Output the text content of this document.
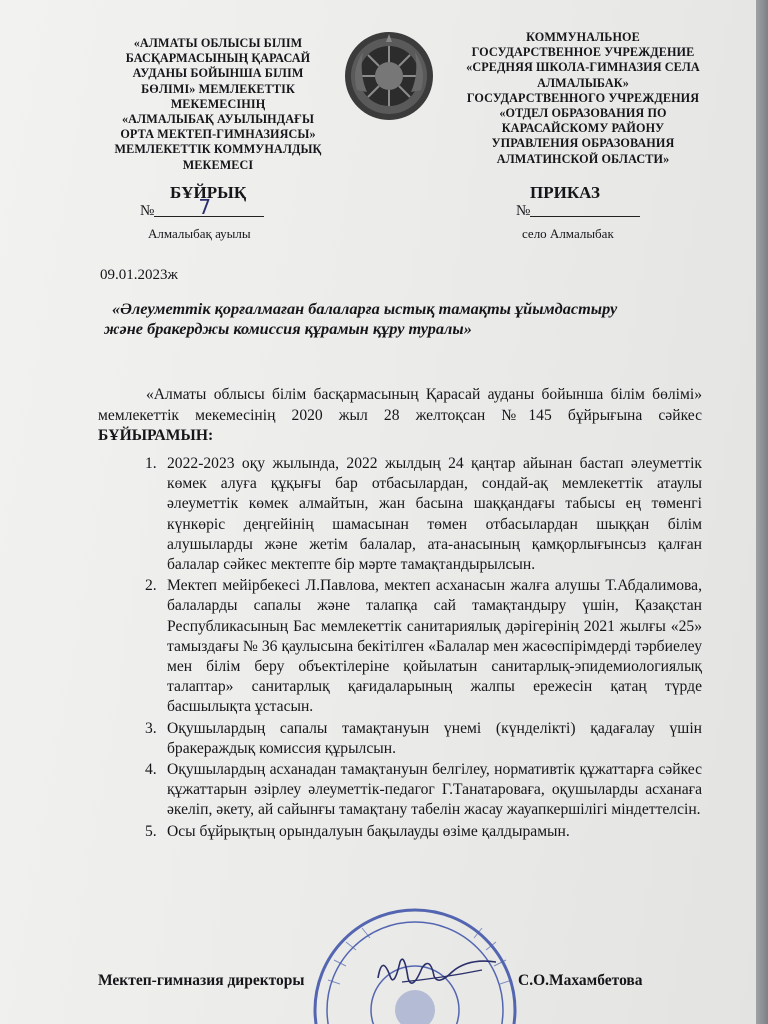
«АЛМАТЫ ОБЛЫСЫ БІЛІМ
БАСҚАРМАСЫНЫҢ ҚАРАСАЙ
АУДАНЫ БОЙЫНША БІЛІМ
БӨЛІМІ» МЕМЛЕКЕТТІК
МЕКЕМЕСІНІҢ
«АЛМАЛЫБАҚ АУЫЛЫНДАҒЫ
ОРТА МЕКТЕП-ГИМНАЗИЯСЫ»
МЕМЛЕКЕТТІК КОММУНАЛДЫҚ
МЕКЕМЕСІ
КОММУНАЛЬНОЕ
ГОСУДАРСТВЕННОЕ УЧРЕЖДЕНИЕ
«СРЕДНЯЯ ШКОЛА-ГИМНАЗИЯ СЕЛА
АЛМАЛЫБАК»
ГОСУДАРСТВЕННОГО УЧРЕЖДЕНИЯ
«ОТДЕЛ ОБРАЗОВАНИЯ ПО
КАРАСАЙСКОМУ РАЙОНУ
УПРАВЛЕНИЯ ОБРАЗОВАНИЯ
АЛМАТИНСКОЙ ОБЛАСТИ»
БҰЙРЫҚ	ПРИКАЗ
№ 7	№
Алмалыбақ ауылы	село Алмалыбак
09.01.2023ж
«Әлеуметтік қорғалмаған балаларға ыстық тамақты ұйымдастыру
және бракерджы комиссия құрамын құру туралы»
«Алматы облысы білім басқармасының Қарасай ауданы бойынша білім бөлімі» мемлекеттік мекемесінің 2020 жыл 28 желтоқсан №145 бұйрығына сәйкес БҰЙЫРАМЫН:
1. 2022-2023 оқу жылында, 2022 жылдың 24 қаңтар айынан бастап әлеуметтік көмек алуға құқығы бар отбасылардан, сондай-ақ мемлекеттік атаулы әлеуметтік көмек алмайтын, жан басына шаққандағы табысы ең төменгі күнкөріс деңгейінің шамасынан төмен отбасылардан шыққан білім алушыларды және жетім балалар, ата-анасының қамқорлығынсыз қалған балалар сәйкес мектепте бір мәрте тамақтандырылсын.
2. Мектеп мейірбекесі Л.Павлова, мектеп асханасын жалға алушы Т.Абдалимова, балаларды сапалы және талапқа сай тамақтандыру үшін, Қазақстан Республикасының Бас мемлекеттік санитариялық дәрігерінің 2021 жылғы «25» тамыздағы № 36 қаулысына бекітілген «Балалар мен жасөспірімдерді тәрбиелеу мен білім беру объектілеріне қойылатын санитарлық-эпидемиологиялық талаптар» санитарлық қағидаларының жалпы ережесін қатаң түрде басшылықта ұстасын.
3. Оқушылардың сапалы тамақтануын үнемі (күнделікті) қадағалау үшін бракераждық комиссия құрылсын.
4. Оқушылардың асханадан тамақтануын белгілеу, нормативтік құжаттарға сәйкес құжаттарын әзірлеу әлеуметтік-педагог Г.Танатароваға, оқушыларды асханаға әкеліп, әкету, ай сайынғы тамақтану табелін жасау жауапкершілігі міндеттелсін.
5. Осы бұйрықтың орындалуын бақылауды өзіме қалдырамын.
Мектеп-гимназия директоры	С.О.Махамбетова
